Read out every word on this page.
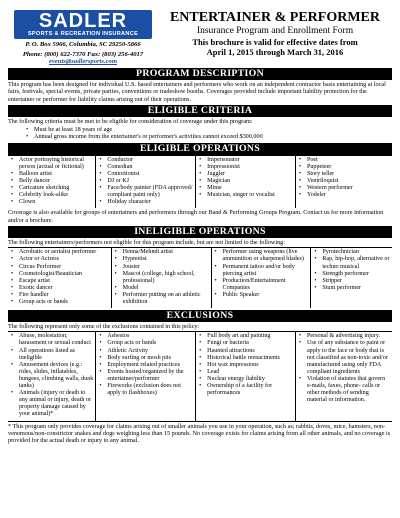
SADLER
SPORTS & RECREATION INSURANCE
P. O. Box 5966, Columbia, SC 29250-5866
Phone: (800) 622-7370 Fax: (803) 256-4017
events@sadlersports.com
ENTERTAINER & PERFORMER
Insurance Program and Enrollment Form
This brochure is valid for effective dates from
April 1, 2015 through March 31, 2016
PROGRAM DESCRIPTION

This program has been designed for individual U.S. based entertainers and performers who work on an independent contractor basis entertaining at local fairs, festivals, special events, private parties, conventions or tradeshow booths. Coverages provided include important liability protection for the entertainer or performer for liability claims arising out of their operations.

ELIGIBLE CRITERIA

The following criteria must be met to be eligible for consideration of coverage under this program:

• Must be at least 18 years of age
• Annual gross income from the entertainer's or performer's activities cannot exceed $300,000
ELIGIBLE OPERATIONS
• Actor portraying historical person (actual or fictional)
• Balloon artist
• Belly dancer
• Caricature sketching
• Celebrity look-alike
• Clown
• Conductor
• Comedian
• Contortionist
• DJ or KJ
• Face/body painter (FDA approved/ compliant paint only)
• Holiday character
• Impersonator
• Impressionist
• Juggler
• Magician
• Mime
• Musician, singer or vocalist
• Poet
• Puppeteer
• Story teller
• Ventriloquist
• Western performer
• Yodeler

Coverage is also available for groups of entertainers and performers through our Band & Performing Groups Program. Contact us for more information and/or a brochure.

INELIGIBLE OPERATIONS

The following entertainers/performers not eligible for this program include, but are not limited to the following:

• Acrobatic or aerialist performer
• Actor or Actress
• Circus Performer
• Cosmetologist/Beautician
• Escape artist
• Exotic dancer
• Fire handler
• Group acts or bands
• Henna/Mehndi artist
• Hypnotist
• Jouster
• Mascot (college, high school, professional)
• Model
• Performer putting on an athletic exhibition
• Performer using weapons (live ammunition or sharpened blades)
• Permanent tattoo and/or body piercing artist
• Production/Entertainment Companies
• Public Speaker
• Pyrotechnician
• Rap, hip-hop, alternative or techno musical
• Strength performer
• Stripper
• Stunt performer
EXCLUSIONS

The following represent only some of the exclusions contained in this policy:

• Abuse, molestation, harassment or sexual conduct
• All operations listed as ineligible
• Amusement devices (e.g.: rides, slides, inflatables, bungees, climbing walls, dunk tanks)
• Animals (injury or death to any animal or injury, death or property damage caused by your animal)*
• Asbestos
• Group acts or bands
• Athletic Activity
• Body surfing or mosh pits
• Employment related practices
• Events hosted/organized by the entertainer/performer
• Fireworks (exclusion does not apply to flashboxes)
• Full body art and painting
• Fungi or bacteria
• Haunted attractions
• Historical battle reenactments
• Hot wax impressions
• Lead
• Nuclear energy liability
• Ownership of a facility for performances
• Personal & advertising injury.
• Use of any substance to paint or apply to the face or body that is not classified as non-toxic and/or manufactured using only FDA compliant ingredients
• Violation of statutes that govern e-mails, faxes, phone- calls or other methods of sending material or information.

* This program only provides coverage for claims arising out of smaller animals you use in your operation, such as; rabbits, doves, mice, hamsters, non-venomous/non-constrictor snakes and dogs weighing less than 15 pounds. No coverage exists for claims arising from all other animals, and no coverage is provided for the actual death or injury to any animal.
